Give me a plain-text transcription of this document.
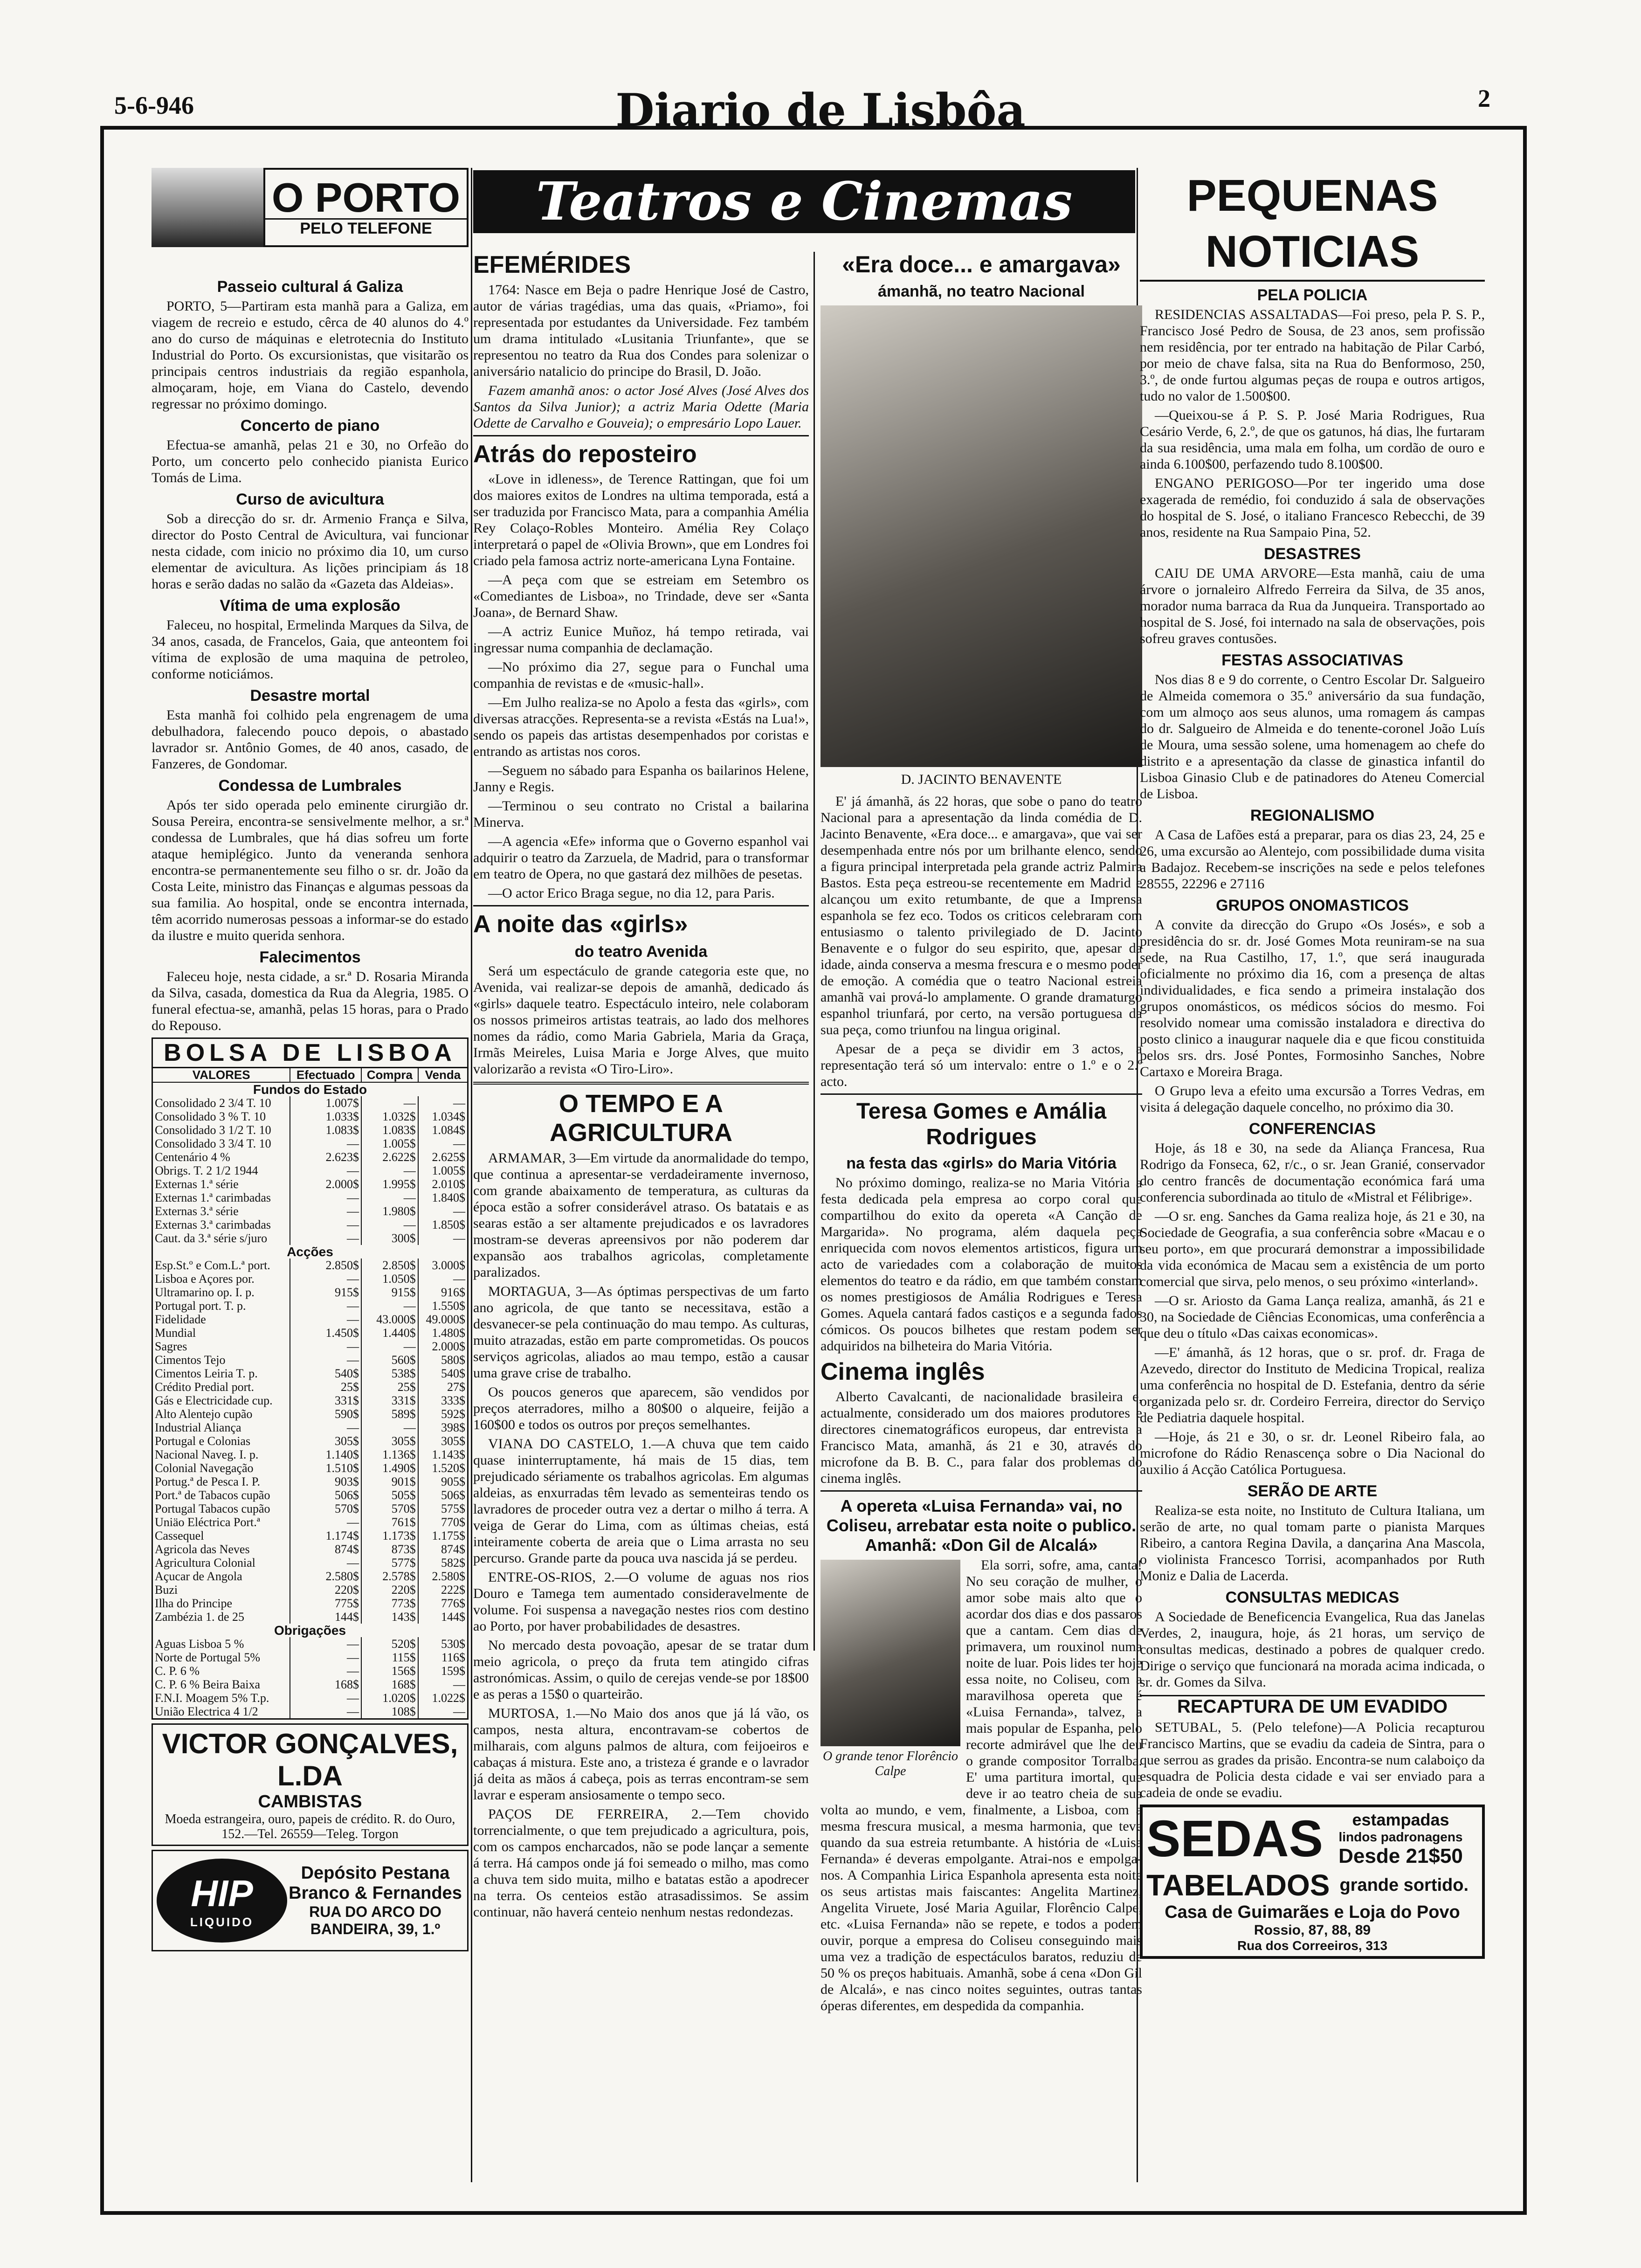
5-6-946	Diario de Lisbôa	2
O PORTO
PELO TELEFONE
Passeio cultural á Galiza

PORTO, 5—Partiram esta manhã para a Galiza, em viagem de recreio e estudo, cêrca de 40 alunos do 4.º ano do curso de máquinas e eletrotecnia do Instituto Industrial do Porto. Os excursionistas, que visitarão os principais centros industriais da região espanhola, almoçaram, hoje, em Viana do Castelo, devendo regressar no próximo domingo.

Concerto de piano

Efectua-se amanhã, pelas 21 e 30, no Orfeão do Porto, um concerto pelo conhecido pianista Eurico Tomás de Lima.

Curso de avicultura

Sob a direcção do sr. dr. Armenio França e Silva, director do Posto Central de Avicultura, vai funcionar nesta cidade, com inicio no próximo dia 10, um curso elementar de avicultura. As lições principiam ás 18 horas e serão dadas no salão da «Gazeta das Aldeias».

Vítima de uma explosão

Faleceu, no hospital, Ermelinda Marques da Silva, de 34 anos, casada, de Francelos, Gaia, que anteontem foi vítima de explosão de uma maquina de petroleo, conforme noticiámos.

Desastre mortal

Esta manhã foi colhido pela engrenagem de uma debulhadora, falecendo pouco depois, o abastado lavrador sr. Antônio Gomes, de 40 anos, casado, de Fanzeres, de Gondomar.

Condessa de Lumbrales

Após ter sido operada pelo eminente cirurgião dr. Sousa Pereira, encontra-se sensivelmente melhor, a sr.ª condessa de Lumbrales, que há dias sofreu um forte ataque hemiplégico. Junto da veneranda senhora encontra-se permanentemente seu filho o sr. dr. João da Costa Leite, ministro das Finanças e algumas pessoas da sua familia. Ao hospital, onde se encontra internada, têm acorrido numerosas pessoas a informar-se do estado da ilustre e muito querida senhora.

Falecimentos

Faleceu hoje, nesta cidade, a sr.ª D. Rosaria Miranda da Silva, casada, domestica da Rua da Alegria, 1985. O funeral efectua-se, amanhã, pelas 15 horas, para o Prado do Repouso.

BOLSA DE LISBOA
VALORES	Efectuado	Compra	Venda
Fundos do Estado			
Consolidado 2 3/4 T. 10	1.007$	—	—
Consolidado 3 % T. 10	1.033$	1.032$	1.034$
Consolidado 3 1/2 T. 10	1.083$	1.083$	1.084$
Consolidado 3 3/4 T. 10	—	1.005$	—
Centenário 4 %	2.623$	2.622$	2.625$
Obrigs. T. 2 1/2 1944	—	—	1.005$
Externas 1.ª série	2.000$	1.995$	2.010$
Externas 1.ª carimbadas	—	—	1.840$
Externas 3.ª série	—	1.980$	—
Externas 3.ª carimbadas	—	—	1.850$
Caut. da 3.ª série s/juro	—	300$	—
Acções			
Esp.St.º e Com.L.ª port.	2.850$	2.850$	3.000$
Lisboa e Açores por.	—	1.050$	—
Ultramarino op. I. p.	915$	915$	916$
Portugal port. T. p.	—	—	1.550$
Fidelidade	—	43.000$	49.000$
Mundial	1.450$	1.440$	1.480$
Sagres	—	—	2.000$
Cimentos Tejo	—	560$	580$
Cimentos Leiria T. p.	540$	538$	540$
Crédito Predial port.	25$	25$	27$
Gás e Electricidade cup.	331$	331$	333$
Alto Alentejo cupão	590$	589$	592$
Industrial Aliança	—	—	398$
Portugal e Colonias	305$	305$	305$
Nacional Naveg. I. p.	1.140$	1.136$	1.143$
Colonial Navegação	1.510$	1.490$	1.520$
Portug.ª de Pesca I. P.	903$	901$	905$
Port.ª de Tabacos cupão	506$	505$	506$
Portugal Tabacos cupão	570$	570$	575$
Uniäo Eléctrica Port.ª	—	761$	770$
Cassequel	1.174$	1.173$	1.175$
Agricola das Neves	874$	873$	874$
Agricultura Colonial	—	577$	582$
Açucar de Angola	2.580$	2.578$	2.580$
Buzi	220$	220$	222$
Ilha do Principe	775$	773$	776$
Zambézia 1. de 25	144$	143$	144$
Obrigações			
Aguas Lisboa 5 %	—	520$	530$
Norte de Portugal 5%	—	115$	116$
C. P. 6 %	—	156$	159$
C. P. 6 % Beira Baixa	168$	168$	—
F.N.I. Moagem 5% T.p.	—	1.020$	1.022$
União Electrica 4 1/2	—	108$	—
VICTOR GONÇALVES, L.DA
CAMBISTAS
Moeda estrangeira, ouro, papeis de crédito. R. do Ouro, 152.—Tel. 26559—Teleg. Torgon
HIP
LIQUIDO
Depósito Pestana
Branco & Fernandes
RUA DO ARCO DO
BANDEIRA, 39, 1.º
Teatros e Cinemas
EFEMÉRIDES

1764: Nasce em Beja o padre Henrique José de Castro, autor de várias tragédias, uma das quais, «Priamo», foi representada por estudantes da Universidade. Fez também um drama intitulado «Lusitania Triunfante», que se representou no teatro da Rua dos Condes para solenizar o aniversário natalicio do principe do Brasil, D. João.

Fazem amanhã anos: o actor José Alves (José Alves dos Santos da Silva Junior); a actriz Maria Odette (Maria Odette de Carvalho e Gouveia); o empresário Lopo Lauer.

Atrás do reposteiro

«Love in idleness», de Terence Rattingan, que foi um dos maiores exitos de Londres na ultima temporada, está a ser traduzida por Francisco Mata, para a companhia Amélia Rey Colaço-Robles Monteiro. Amélia Rey Colaço interpretará o papel de «Olivia Brown», que em Londres foi criado pela famosa actriz norte-americana Lyna Fontaine.

—A peça com que se estreiam em Setembro os «Comediantes de Lisboa», no Trindade, deve ser «Santa Joana», de Bernard Shaw.

—A actriz Eunice Muñoz, há tempo retirada, vai ingressar numa companhia de declamação.

—No próximo dia 27, segue para o Funchal uma companhia de revistas e de «music-hall».

—Em Julho realiza-se no Apolo a festa das «girls», com diversas atracções. Representa-se a revista «Estás na Lua!», sendo os papeis das artistas desempenhados por coristas e entrando as artistas nos coros.

—Seguem no sábado para Espanha os bailarinos Helene, Janny e Regis.

—Terminou o seu contrato no Cristal a bailarina Minerva.

—A agencia «Efe» informa que o Governo espanhol vai adquirir o teatro da Zarzuela, de Madrid, para o transformar em teatro de Opera, no que gastará dez milhões de pesetas.

—O actor Erico Braga segue, no dia 12, para Paris.

A noite das «girls»
do teatro Avenida

Será um espectáculo de grande categoria este que, no Avenida, vai realizar-se depois de amanhã, dedicado ás «girls» daquele teatro. Espectáculo inteiro, nele colaboram os nossos primeiros artistas teatrais, ao lado dos melhores nomes da rádio, como Maria Gabriela, Maria da Graça, Irmãs Meireles, Luisa Maria e Jorge Alves, que muito valorizarão a revista «O Tiro-Liro».

O TEMPO E A AGRICULTURA

ARMAMAR, 3—Em virtude da anormalidade do tempo, que continua a apresentar-se verdadeiramente invernoso, com grande abaixamento de temperatura, as culturas da época estão a sofrer considerável atraso. Os batatais e as searas estão a ser altamente prejudicados e os lavradores mostram-se deveras apreensivos por não poderem dar expansão aos trabalhos agricolas, completamente paralizados.

MORTAGUA, 3—As óptimas perspectivas de um farto ano agricola, de que tanto se necessitava, estão a desvanecer-se pela continuação do mau tempo. As culturas, muito atrazadas, estão em parte comprometidas. Os poucos serviços agricolas, aliados ao mau tempo, estão a causar uma grave crise de trabalho.

Os poucos generos que aparecem, são vendidos por preços aterradores, milho a 80$00 o alqueire, feijão a 160$00 e todos os outros por preços semelhantes.

VIANA DO CASTELO, 1.—A chuva que tem caido quase ininterruptamente, há mais de 15 dias, tem prejudicado sériamente os trabalhos agricolas. Em algumas aldeias, as enxurradas têm levado as sementeiras tendo os lavradores de proceder outra vez a dertar o milho á terra. A veiga de Gerar do Lima, com as últimas cheias, está inteiramente coberta de areia que o Lima arrasta no seu percurso. Grande parte da pouca uva nascida já se perdeu.

ENTRE-OS-RIOS, 2.—O volume de aguas nos rios Douro e Tamega tem aumentado consideravelmente de volume. Foi suspensa a navegação nestes rios com destino ao Porto, por haver probabilidades de desastres.

No mercado desta povoação, apesar de se tratar dum meio agricola, o preço da fruta tem atingido cifras astronómicas. Assim, o quilo de cerejas vende-se por 18$00 e as peras a 15$0 o quarteirão.

MURTOSA, 1.—No Maio dos anos que já lá vão, os campos, nesta altura, encontravam-se cobertos de milharais, com alguns palmos de altura, com feijoeiros e cabaças á mistura. Este ano, a tristeza é grande e o lavrador já deita as mãos á cabeça, pois as terras encontram-se sem lavrar e esperam ansiosamente o tempo seco.

PAÇOS DE FERREIRA, 2.—Tem chovido torrencialmente, o que tem prejudicado a agricultura, pois, com os campos encharcados, não se pode lançar a semente á terra. Há campos onde já foi semeado o milho, mas como a chuva tem sido muita, milho e batatas estão a apodrecer na terra. Os centeios estão atrasadissimos. Se assim continuar, não haverá centeio nenhum nestas redondezas.

«Era doce... e amargava»
ámanhã, no teatro Nacional
D. JACINTO BENAVENTE

E' já ámanhã, ás 22 horas, que sobe o pano do teatro Nacional para a apresentação da linda comédia de D. Jacinto Benavente, «Era doce... e amargava», que vai ser desempenhada entre nós por um brilhante elenco, sendo a figura principal interpretada pela grande actriz Palmira Bastos. Esta peça estreou-se recentemente em Madrid e alcançou um exito retumbante, de que a Imprensa espanhola se fez eco. Todos os criticos celebraram com entusiasmo o talento privilegiado de D. Jacinto Benavente e o fulgor do seu espirito, que, apesar da idade, ainda conserva a mesma frescura e o mesmo poder de emoção. A comédia que o teatro Nacional estreia amanhã vai prová-lo amplamente. O grande dramaturgo espanhol triunfará, por certo, na versão portuguesa da sua peça, como triunfou na lingua original.

Apesar de a peça se dividir em 3 actos, a representação terá só um intervalo: entre o 1.º e o 2.º acto.

Teresa Gomes e Amália Rodrigues
na festa das «girls» do Maria Vitória

No próximo domingo, realiza-se no Maria Vitória a festa dedicada pela empresa ao corpo coral que compartilhou do exito da opereta «A Canção de Margarida». No programa, além daquela peça enriquecida com novos elementos artisticos, figura um acto de variedades com a colaboração de muitos elementos do teatro e da rádio, em que também constam os nomes prestigiosos de Amália Rodrigues e Teresa Gomes. Aquela cantará fados castiços e a segunda fados cómicos. Os poucos bilhetes que restam podem ser adquiridos na bilheteira do Maria Vitória.

Cinema inglês

Alberto Cavalcanti, de nacionalidade brasileira e, actualmente, considerado um dos maiores produtores e directores cinematográficos europeus, dar entrevista a Francisco Mata, amanhã, ás 21 e 30, através do microfone da B. B. C., para falar dos problemas do cinema inglês.

A opereta «Luisa Fernanda» vai, no Coliseu, arrebatar esta noite o publico. Amanhã: «Don Gil de Alcalá»
O grande tenor Florêncio Calpe

Ela sorri, sofre, ama, canta! No seu coração de mulher, o amor sobe mais alto que o acordar dos dias e dos passaros que a cantam. Cem dias de primavera, um rouxinol numa noite de luar. Pois lides ter hoje essa noite, no Coliseu, com a maravilhosa opereta que é «Luisa Fernanda», talvez, a mais popular de Espanha, pelo recorte admirável que lhe deu o grande compositor Torralba. E' uma partitura imortal, que deve ir ao teatro cheia de sua volta ao mundo, e vem, finalmente, a Lisboa, com a mesma frescura musical, a mesma harmonia, que teve quando da sua estreia retumbante. A história de «Luisa Fernanda» é deveras empolgante. Atrai-nos e empolga-nos. A Companhia Lirica Espanhola apresenta esta noite os seus artistas mais faiscantes: Angelita Martinez, Angelita Viruete, José Maria Aguilar, Florêncio Calpe, etc. «Luisa Fernanda» não se repete, e todos a podem ouvir, porque a empresa do Coliseu conseguindo mais uma vez a tradição de espectáculos baratos, reduziu de 50 % os preços habituais. Amanhã, sobe á cena «Don Gil de Alcalá», e nas cinco noites seguintes, outras tantas óperas diferentes, em despedida da companhia.

PEQUENAS NOTICIAS
PELA POLICIA

RESIDENCIAS ASSALTADAS—Foi preso, pela P. S. P., Francisco José Pedro de Sousa, de 23 anos, sem profissão nem residência, por ter entrado na habitação de Pilar Carbó, por meio de chave falsa, sita na Rua do Benformoso, 250, 3.º, de onde furtou algumas peças de roupa e outros artigos, tudo no valor de 1.500$00.

—Queixou-se á P. S. P. José Maria Rodrigues, Rua Cesário Verde, 6, 2.º, de que os gatunos, há dias, lhe furtaram da sua residência, uma mala em folha, um cordão de ouro e ainda 6.100$00, perfazendo tudo 8.100$00.

ENGANO PERIGOSO—Por ter ingerido uma dose exagerada de remédio, foi conduzido á sala de observações do hospital de S. José, o italiano Francesco Rebecchi, de 39 anos, residente na Rua Sampaio Pina, 52.

DESASTRES

CAIU DE UMA ARVORE—Esta manhã, caiu de uma árvore o jornaleiro Alfredo Ferreira da Silva, de 35 anos, morador numa barraca da Rua da Junqueira. Transportado ao hospital de S. José, foi internado na sala de observações, pois sofreu graves contusões.

FESTAS ASSOCIATIVAS

Nos dias 8 e 9 do corrente, o Centro Escolar Dr. Salgueiro de Almeida comemora o 35.º aniversário da sua fundação, com um almoço aos seus alunos, uma romagem ás campas do dr. Salgueiro de Almeida e do tenente-coronel João Luís de Moura, uma sessão solene, uma homenagem ao chefe do distrito e a apresentação da classe de ginastica infantil do Lisboa Ginasio Club e de patinadores do Ateneu Comercial de Lisboa.

REGIONALISMO

A Casa de Lafões está a preparar, para os dias 23, 24, 25 e 26, uma excursão ao Alentejo, com possibilidade duma visita a Badajoz. Recebem-se inscrições na sede e pelos telefones 28555, 22296 e 27116

GRUPOS ONOMASTICOS

A convite da direcção do Grupo «Os Josés», e sob a presidência do sr. dr. José Gomes Mota reuniram-se na sua sede, na Rua Castilho, 17, 1.º, que será inaugurada oficialmente no próximo dia 16, com a presença de altas individualidades, e fica sendo a primeira instalação dos grupos onomásticos, os médicos sócios do mesmo. Foi resolvido nomear uma comissão instaladora e directiva do posto clinico a inaugurar naquele dia e que ficou constituida pelos srs. drs. José Pontes, Formosinho Sanches, Nobre Cartaxo e Moreira Braga.

O Grupo leva a efeito uma excursão a Torres Vedras, em visita á delegação daquele concelho, no próximo dia 30.

CONFERENCIAS

Hoje, ás 18 e 30, na sede da Aliança Francesa, Rua Rodrigo da Fonseca, 62, r/c., o sr. Jean Granié, conservador do centro francês de documentação económica fará uma conferencia subordinada ao titulo de «Mistral et Félibrige».

—O sr. eng. Sanches da Gama realiza hoje, ás 21 e 30, na Sociedade de Geografia, a sua conferência sobre «Macau e o seu porto», em que procurará demonstrar a impossibilidade da vida económica de Macau sem a existência de um porto comercial que sirva, pelo menos, o seu próximo «interland».

—O sr. Ariosto da Gama Lança realiza, amanhã, ás 21 e 30, na Sociedade de Ciências Economicas, uma conferência a que deu o título «Das caixas economicas».

—E' ámanhã, ás 12 horas, que o sr. prof. dr. Fraga de Azevedo, director do Instituto de Medicina Tropical, realiza uma conferência no hospital de D. Estefania, dentro da série organizada pelo sr. dr. Cordeiro Ferreira, director do Serviço de Pediatria daquele hospital.

—Hoje, ás 21 e 30, o sr. dr. Leonel Ribeiro fala, ao microfone do Rádio Renascença sobre o Dia Nacional do auxilio á Acção Católica Portuguesa.

SERÃO DE ARTE

Realiza-se esta noite, no Instituto de Cultura Italiana, um serão de arte, no qual tomam parte o pianista Marques Ribeiro, a cantora Regina Davila, a dançarina Ana Mascola, o violinista Francesco Torrisi, acompanhados por Ruth Moniz e Dalia de Lacerda.

CONSULTAS MEDICAS

A Sociedade de Beneficencia Evangelica, Rua das Janelas Verdes, 2, inaugura, hoje, ás 21 horas, um serviço de consultas medicas, destinado a pobres de qualquer credo. Dirige o serviço que funcionará na morada acima indicada, o sr. dr. Gomes da Silva.

RECAPTURA DE UM EVADIDO

SETUBAL, 5. (Pelo telefone)—A Policia recapturou Francisco Martins, que se evadiu da cadeia de Sintra, para o que serrou as grades da prisão. Encontra-se num calaboiço da esquadra de Policia desta cidade e vai ser enviado para a cadeia de onde se evadiu.

SEDAS	estampadas
lindos padronagens
Desde 21$50
TABELADOS grande sortido.
Casa de Guimarães e Loja do Povo
Rossio, 87, 88, 89
Rua dos Correeiros, 313
